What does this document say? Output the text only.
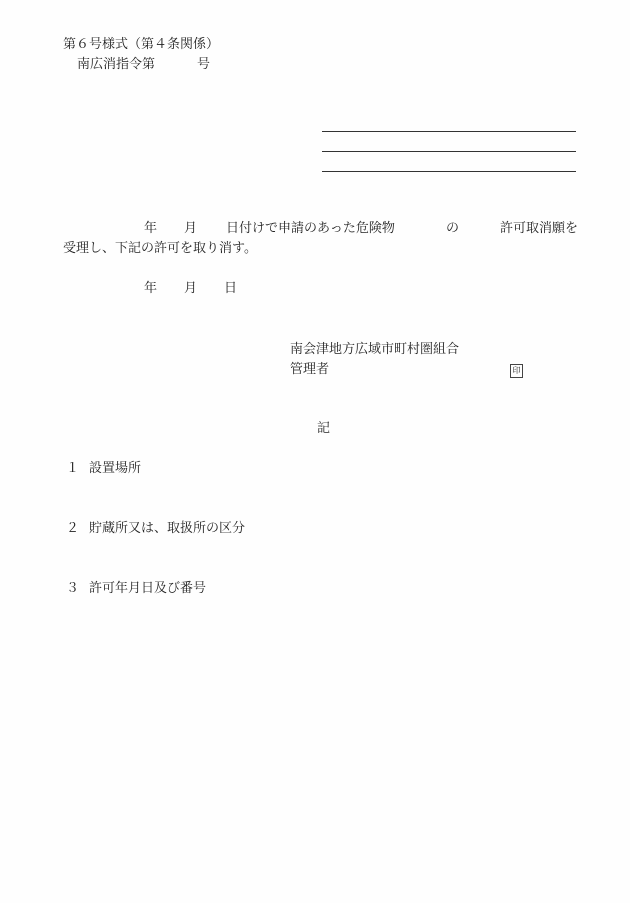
第６号様式（第４条関係）
南広消指令第	号
年 月 日付けで申請のあった危険物	の	許可取消願を
受理し、下記の許可を取り消す。
年 月 日
南会津地方広域市町村圏組合
管理者	印
記
１ 設置場所
２ 貯蔵所又は、取扱所の区分
３ 許可年月日及び番号
